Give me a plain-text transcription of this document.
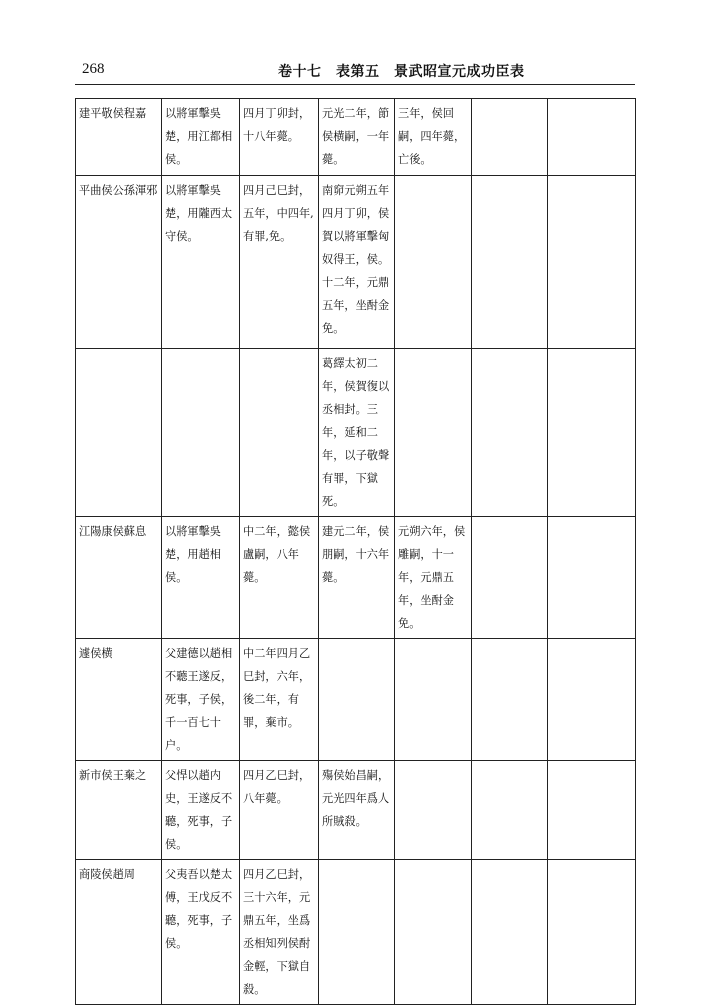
268	卷十七　表第五　景武昭宣元成功臣表
建平敬侯程嘉	以將軍擊吳楚，用江都相侯。	四月丁卯封，十八年薨。	元光二年，節侯横嗣，一年薨。	三年，侯回嗣，四年薨，亡後。		
平曲侯公孫渾邪	以將軍擊吳楚，用隴西太守侯。	四月己巳封，五年，中四年,有罪,免。	南窌元朔五年四月丁卯，侯賀以將軍擊匈奴得王，侯。十二年，元鼎五年，坐酎金免。			
			葛繹太初二年，侯賀復以丞相封。三年，延和二年，以子敬聲有罪，下獄死。			
江陽康侯蘇息	以將軍擊吳楚，用趙相侯。	中二年，懿侯盧嗣，八年薨。	建元二年，侯朋嗣，十六年薨。	元朔六年，侯雕嗣，十一年，元鼎五年，坐酎金免。		
遽侯横	父建德以趙相不聽王遂反，死事，子侯，千一百七十户。	中二年四月乙巳封，六年，後二年，有罪，棄市。				
新市侯王棄之	父悍以趙内史，王遂反不聽，死事，子侯。	四月乙巳封，八年薨。	殤侯始昌嗣，元光四年爲人所賊殺。			
商陵侯趙周	父夷吾以楚太傅，王戊反不聽，死事，子侯。	四月乙巳封，三十六年，元鼎五年，坐爲丞相知列侯酎金輕，下獄自殺。				
